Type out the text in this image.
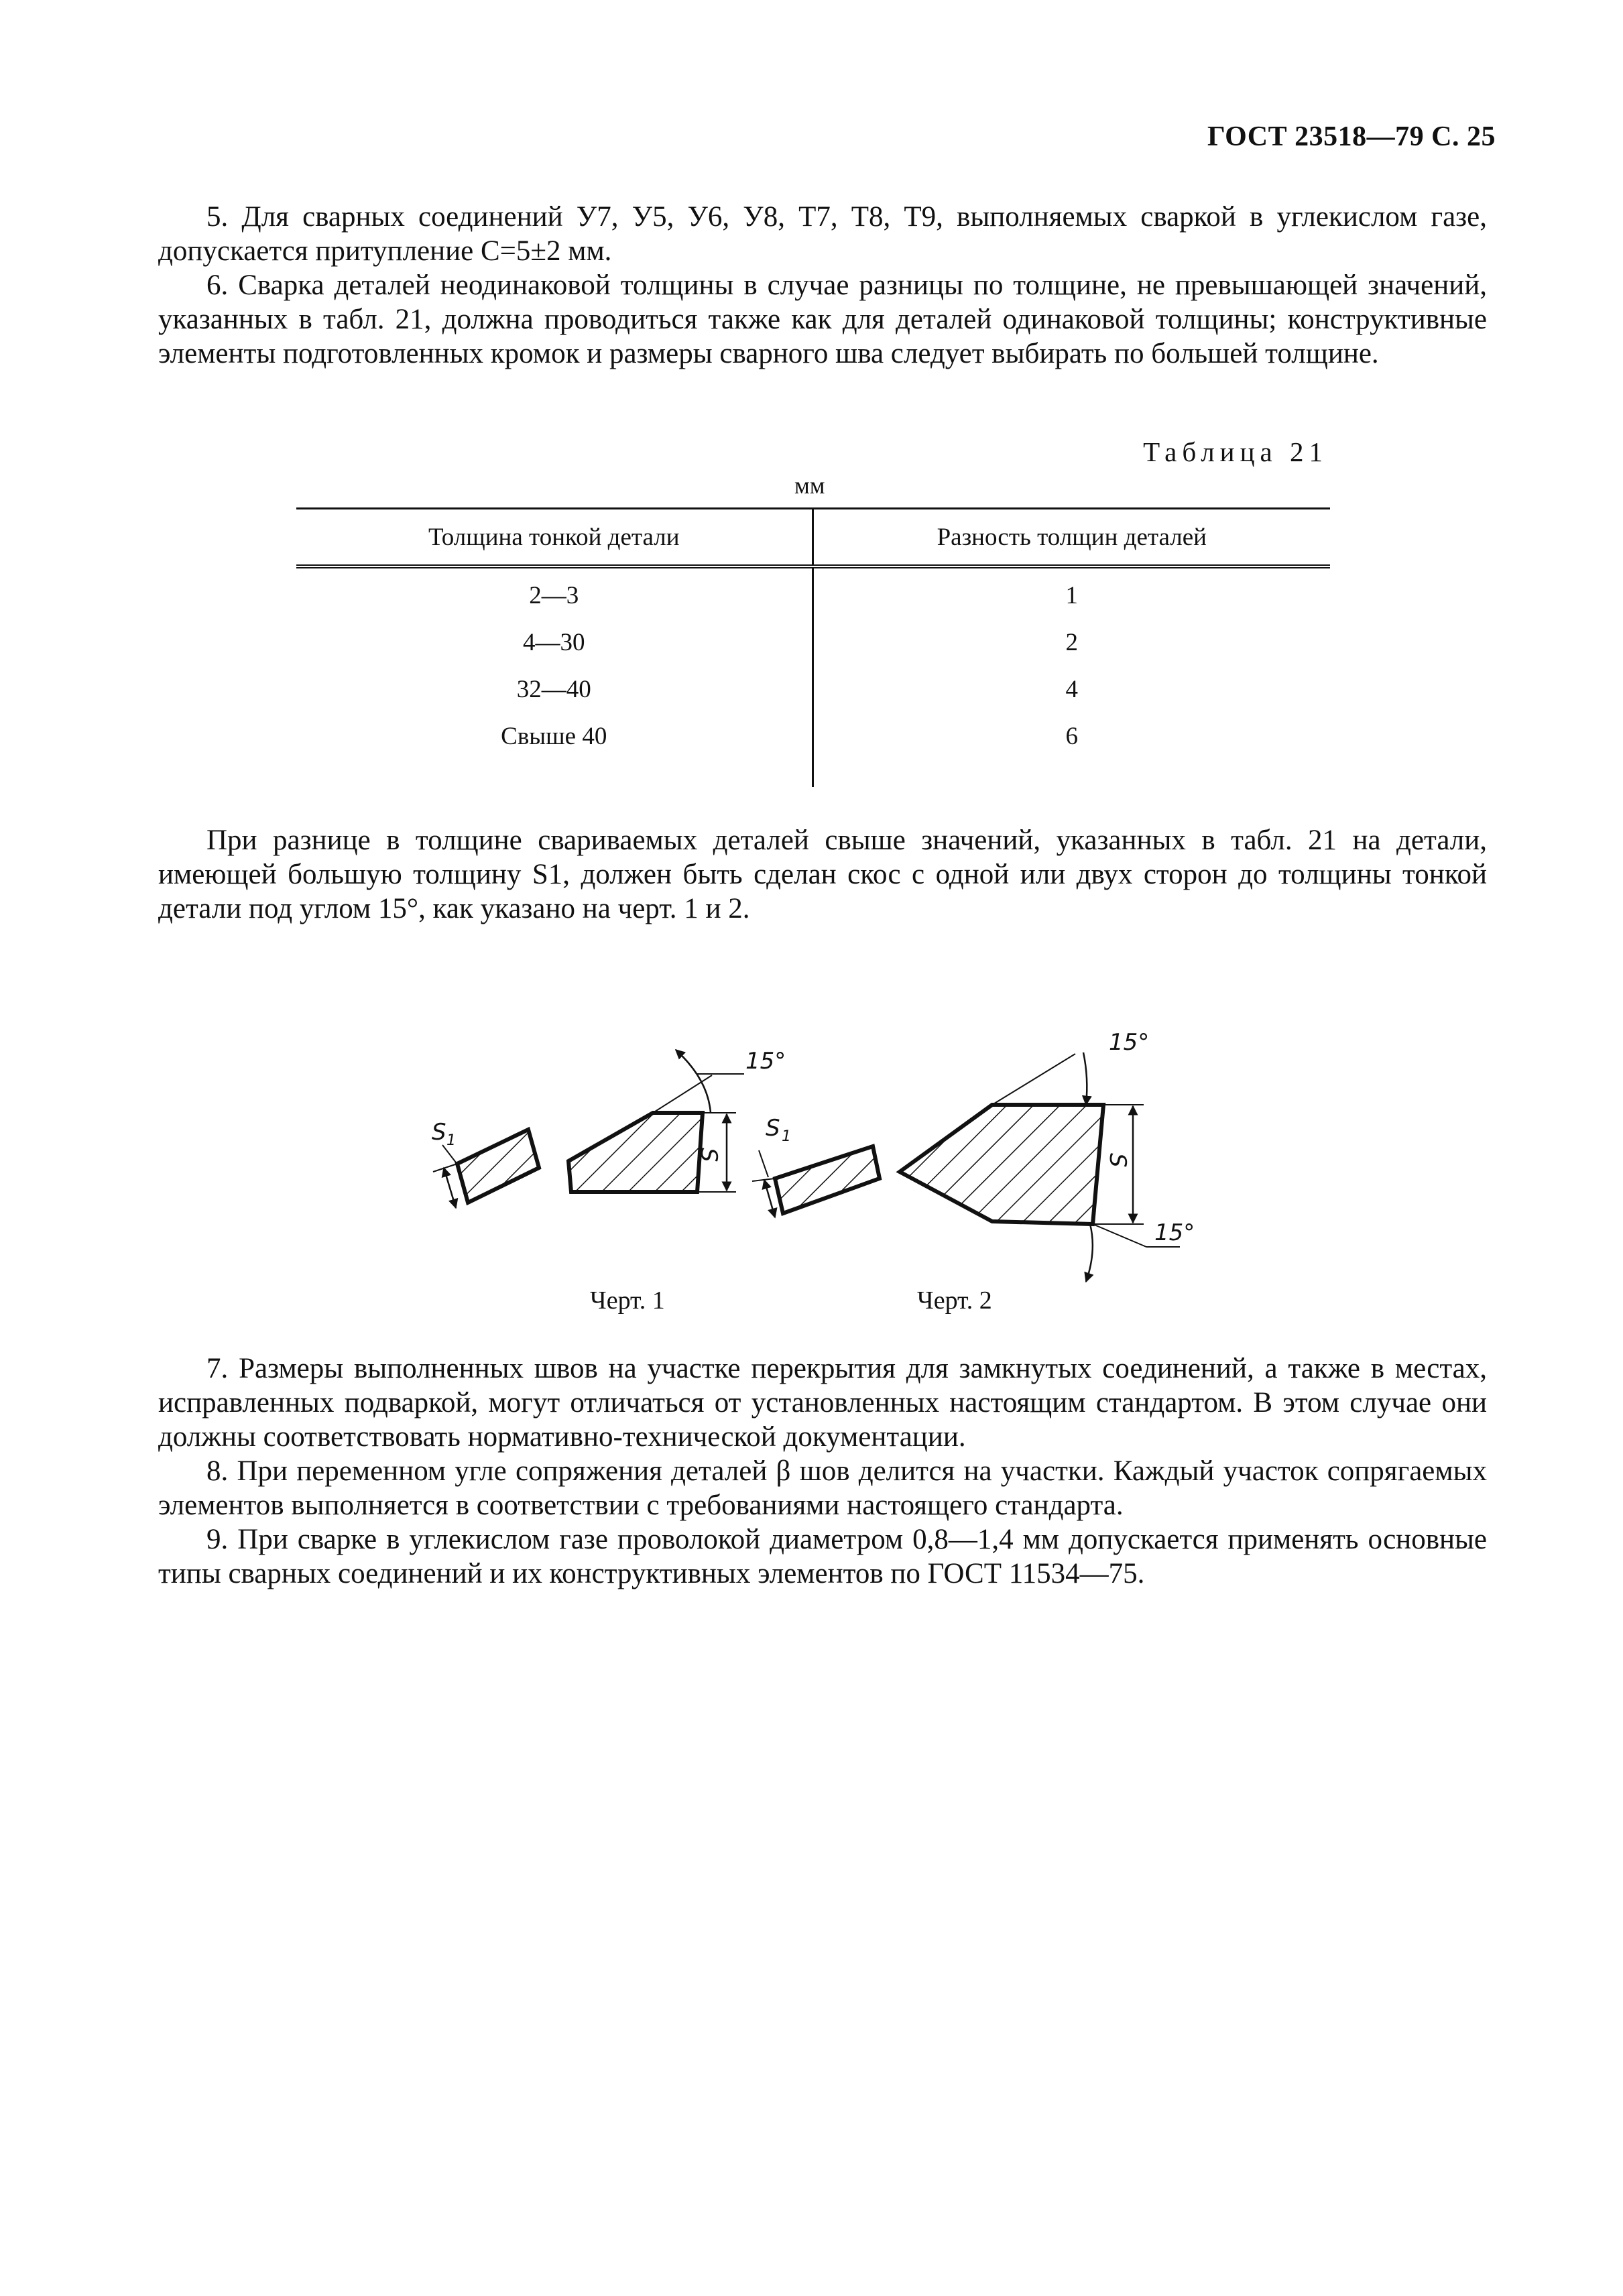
ГОСТ 23518—79 С. 25

5. Для сварных соединений У7, У5, У6, У8, Т7, Т8, Т9, выполняемых сваркой в углекислом газе, допускается притупление C=5±2 мм.

6. Сварка деталей неодинаковой толщины в случае разницы по толщине, не превышающей значений, указанных в табл. 21, должна проводиться также как для деталей одинаковой толщины; конструктивные элементы подготовленных кромок и размеры сварного шва следует выбирать по большей толщине.

Таблица 21
мм
Толщина тонкой детали	Разность толщин деталей
2—3	1
4—30	2
32—40	4
Свыше 40	6

При разнице в толщине свариваемых деталей свыше значений, указанных в табл. 21 на детали, имеющей большую толщину S1, должен быть сделан скос с одной или двух сторон до толщины тонкой детали под углом 15°, как указано на черт. 1 и 2.

S 1
S
15°
S 1
S
15°
15°
Черт. 1	Черт. 2

7. Размеры выполненных швов на участке перекрытия для замкнутых соединений, а также в местах, исправленных подваркой, могут отличаться от установленных настоящим стандартом. В этом случае они должны соответствовать нормативно-технической документации.

8. При переменном угле сопряжения деталей β шов делится на участки. Каждый участок сопрягаемых элементов выполняется в соответствии с требованиями настоящего стандарта.

9. При сварке в углекислом газе проволокой диаметром 0,8—1,4 мм допускается применять основные типы сварных соединений и их конструктивных элементов по ГОСТ 11534—75.
